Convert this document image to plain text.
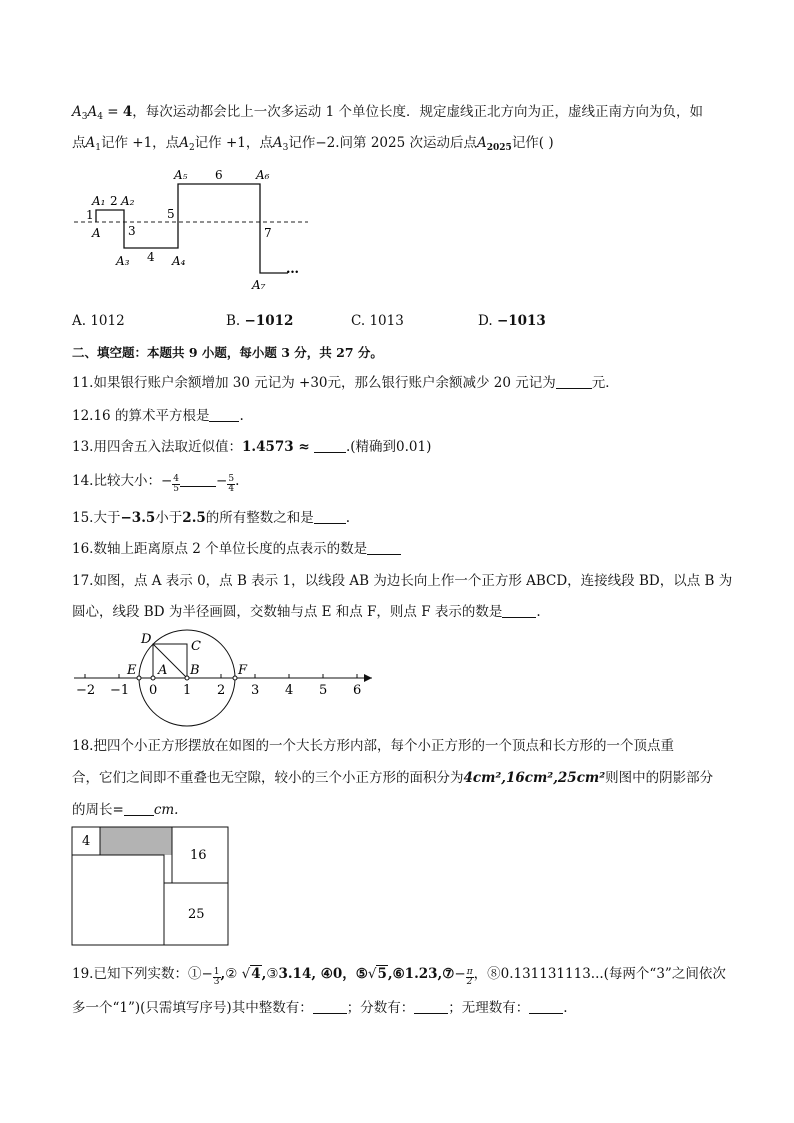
$A_3A_4 = 4$，每次运动都会比上一次多运动 1 个单位长度．规定虚线正北方向为正，虚线正南方向为负，如
点$A_1$记作 +1，点$A_2$记作 +1，点$A_3$记作−2.问第 2025 次运动后点$A_{2025}$记作( )
A₁ 2 A₂
1
A 3
A₃ 4 A₄
5
A₅ 6	A₆
7
A₇
…
A. 1012	B. −1012	C. 1013	D. −1013
二、填空题：本题共 9 小题，每小题 3 分，共 27 分。
11.如果银行账户余额增加 30 元记为 +30元，那么银行账户余额减少 20 元记为	元．
12.16 的算术平方根是 .
13.用四舍五入法取近似值：1.4573 ≈	.(精确到0.01)
14.比较大小：− $\frac{4}{5}$	− $\frac{5}{4}$ .
15.大于−3.5小于2.5的所有整数之和是 .
16.数轴上距离原点 2 个单位长度的点表示的数是
17.如图，点 A 表示 0，点 B 表示 1，以线段 AB 为边长向上作一个正方形 ABCD，连接线段 BD，以点 B 为
圆心，线段 BD 为半径画圆，交数轴与点 E 和点 F，则点 F 表示的数是	.
D	C
E A B	F
−2 −1 0 1 2 3 4 5 6
18.把四个小正方形摆放在如图的一个大长方形内部，每个小正方形的一个顶点和长方形的一个顶点重
合，它们之间即不重叠也无空隙，较小的三个小正方形的面积分为4cm²,16cm²,25cm²则图中的阴影部分
的周长= cm.
4
16
25
19.已知下列实数：①− $\frac{1}{3}$ ,② √4,③3.14, ④0，⑤√5,⑥1.23,⑦− $\frac{\pi}{2}$ ，⑧0.131131113...(每两个“3”之间依次
多一个“1”)(只需填写序号)其中整数有：	；分数有：	；无理数有：	.
